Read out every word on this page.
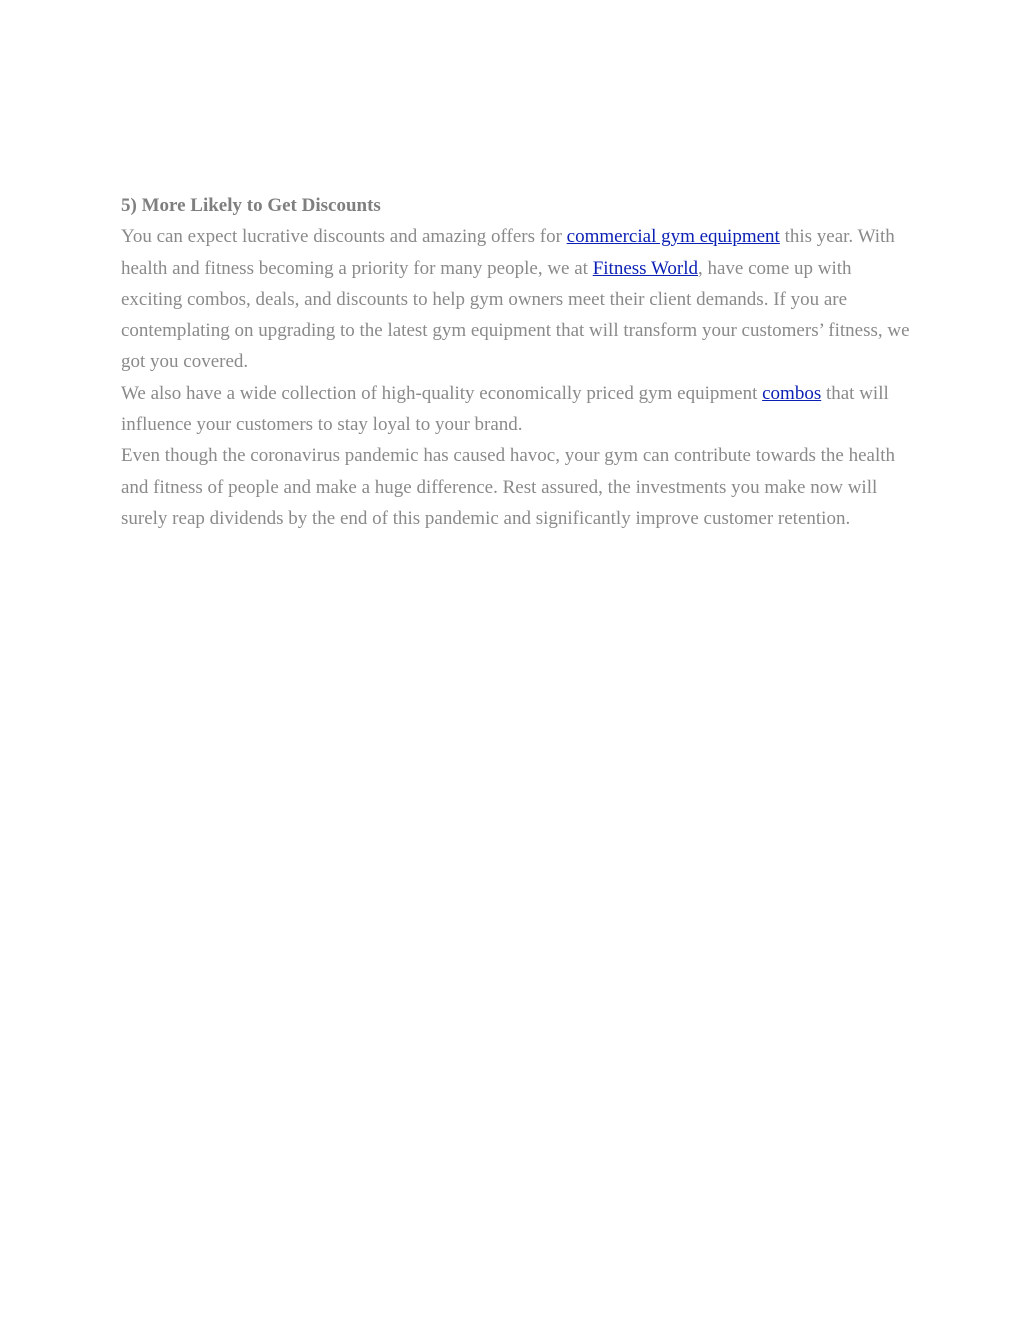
5) More Likely to Get Discounts

You can expect lucrative discounts and amazing offers for commercial gym equipment this year. With health and fitness becoming a priority for many people, we at Fitness World, have come up with exciting combos, deals, and discounts to help gym owners meet their client demands. If you are contemplating on upgrading to the latest gym equipment that will transform your customers’ fitness, we got you covered.

We also have a wide collection of high-quality economically priced gym equipment combos that will influence your customers to stay loyal to your brand.

Even though the coronavirus pandemic has caused havoc, your gym can contribute towards the health and fitness of people and make a huge difference. Rest assured, the investments you make now will surely reap dividends by the end of this pandemic and significantly improve customer retention.
